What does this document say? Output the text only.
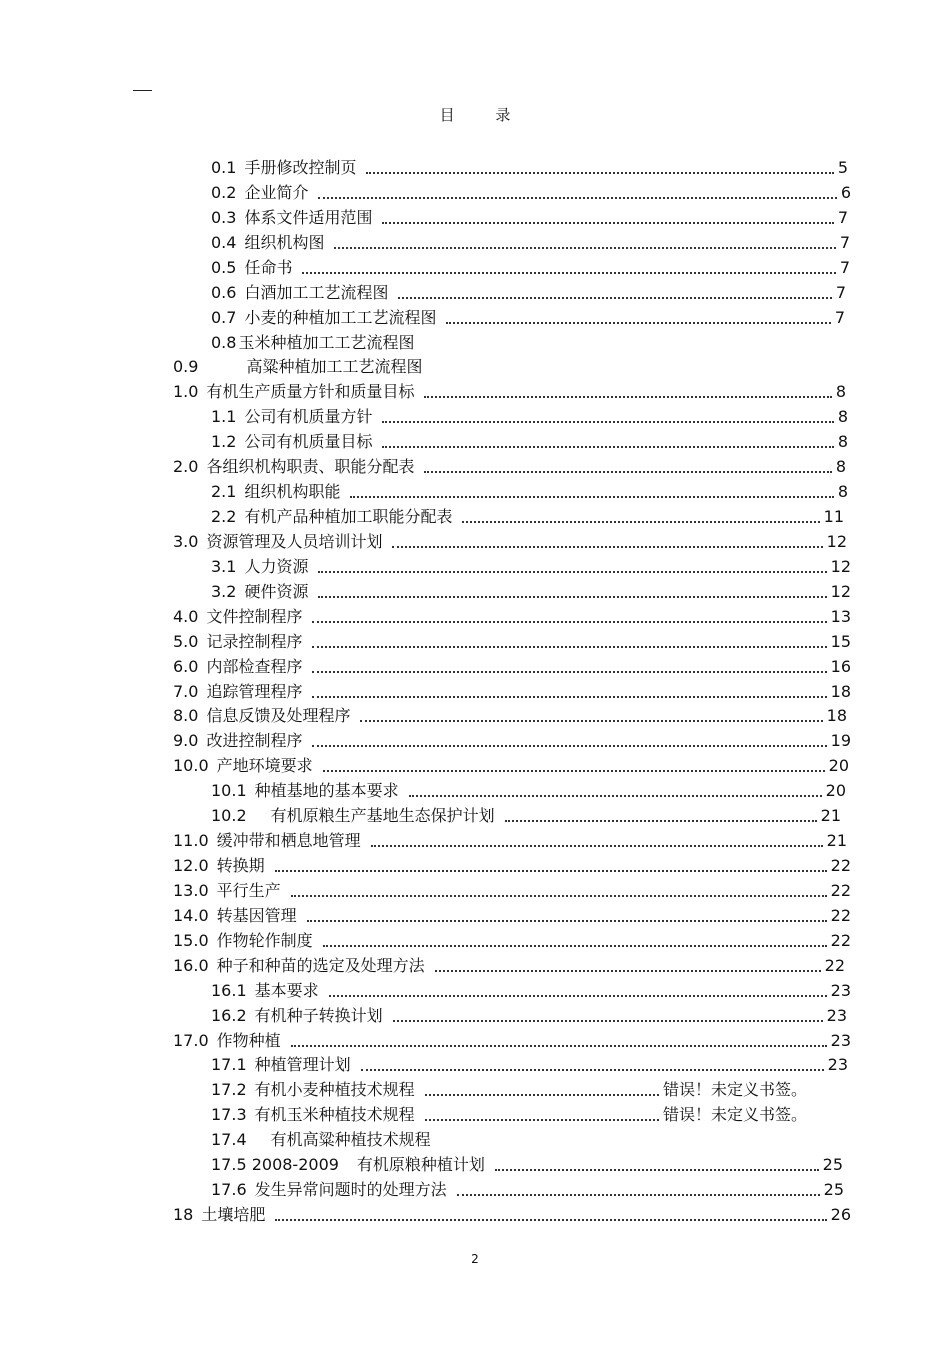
目 录
0.1 手册修改控制页	5
0.2 企业简介	6
0.3 体系文件适用范围	7
0.4 组织机构图	7
0.5 任命书	7
0.6 白酒加工工艺流程图	7
0.7 小麦的种植加工工艺流程图	7
0.8 玉米种植加工工艺流程图
0.9	高粱种植加工工艺流程图
1.0 有机生产质量方针和质量目标	8
1.1 公司有机质量方针	8
1.2 公司有机质量目标	8
2.0 各组织机构职责、职能分配表	8
2.1 组织机构职能	8
2.2 有机产品种植加工职能分配表	11
3.0 资源管理及人员培训计划	12
3.1 人力资源	12
3.2 硬件资源	12
4.0 文件控制程序	13
5.0 记录控制程序	15
6.0 内部检查程序	16
7.0 追踪管理程序	18
8.0 信息反馈及处理程序	18
9.0 改进控制程序	19
10.0 产地环境要求	20
10.1 种植基地的基本要求	20
10.2 有机原粮生产基地生态保护计划	21
11.0 缓冲带和栖息地管理	21
12.0 转换期	22
13.0 平行生产	22
14.0 转基因管理	22
15.0 作物轮作制度	22
16.0 种子和种苗的选定及处理方法	22
16.1 基本要求	23
16.2 有机种子转换计划	23
17.0 作物种植	23
17.1 种植管理计划	23
17.2 有机小麦种植技术规程	错误！未定义书签。
17.3 有机玉米种植技术规程	错误！未定义书签。
17.4 有机高粱种植技术规程
17.5 2008-2009 有机原粮种植计划	25
17.6 发生异常问题时的处理方法	25
18 土壤培肥	26
2
